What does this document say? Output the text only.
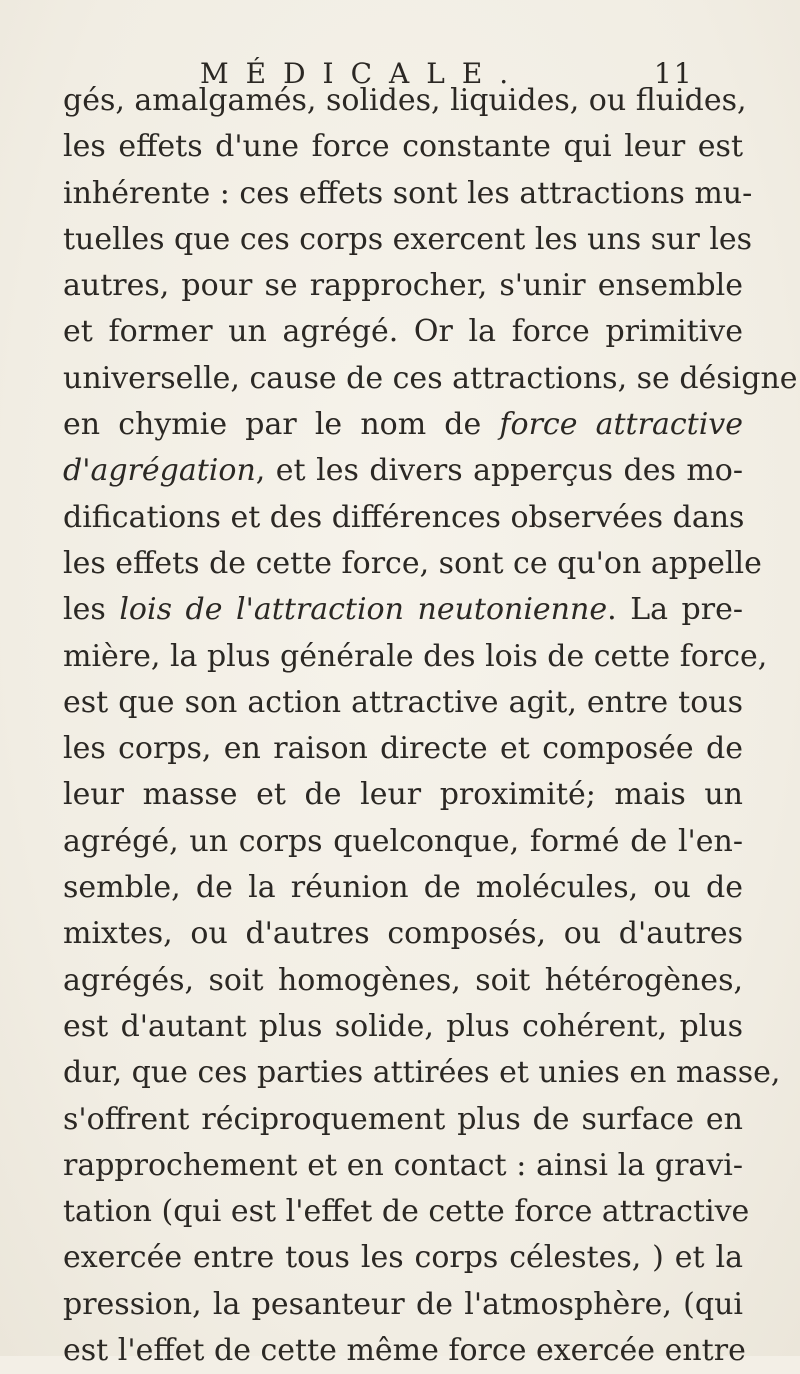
MÉDICALE.	11
gés, amalgamés, solides, liquides, ou fluides,
les effets d'une force constante qui leur est
inhérente : ces effets sont les attractions mu-
tuelles que ces corps exercent les uns sur les
autres, pour se rapprocher, s'unir ensemble
et former un agrégé. Or la force primitive
universelle, cause de ces attractions, se désigne
en chymie par le nom de force attractive
d'agrégation, et les divers apperçus des mo-
difications et des différences observées dans
les effets de cette force, sont ce qu'on appelle
les lois de l'attraction neutonienne. La pre-
mière, la plus générale des lois de cette force,
est que son action attractive agit, entre tous
les corps, en raison directe et composée de
leur masse et de leur proximité; mais un
agrégé, un corps quelconque, formé de l'en-
semble, de la réunion de molécules, ou de
mixtes, ou d'autres composés, ou d'autres
agrégés, soit homogènes, soit hétérogènes,
est d'autant plus solide, plus cohérent, plus
dur, que ces parties attirées et unies en masse,
s'offrent réciproquement plus de surface en
rapprochement et en contact : ainsi la gravi-
tation (qui est l'effet de cette force attractive
exercée entre tous les corps célestes, ) et la
pression, la pesanteur de l'atmosphère, (qui
est l'effet de cette même force exercée entre
